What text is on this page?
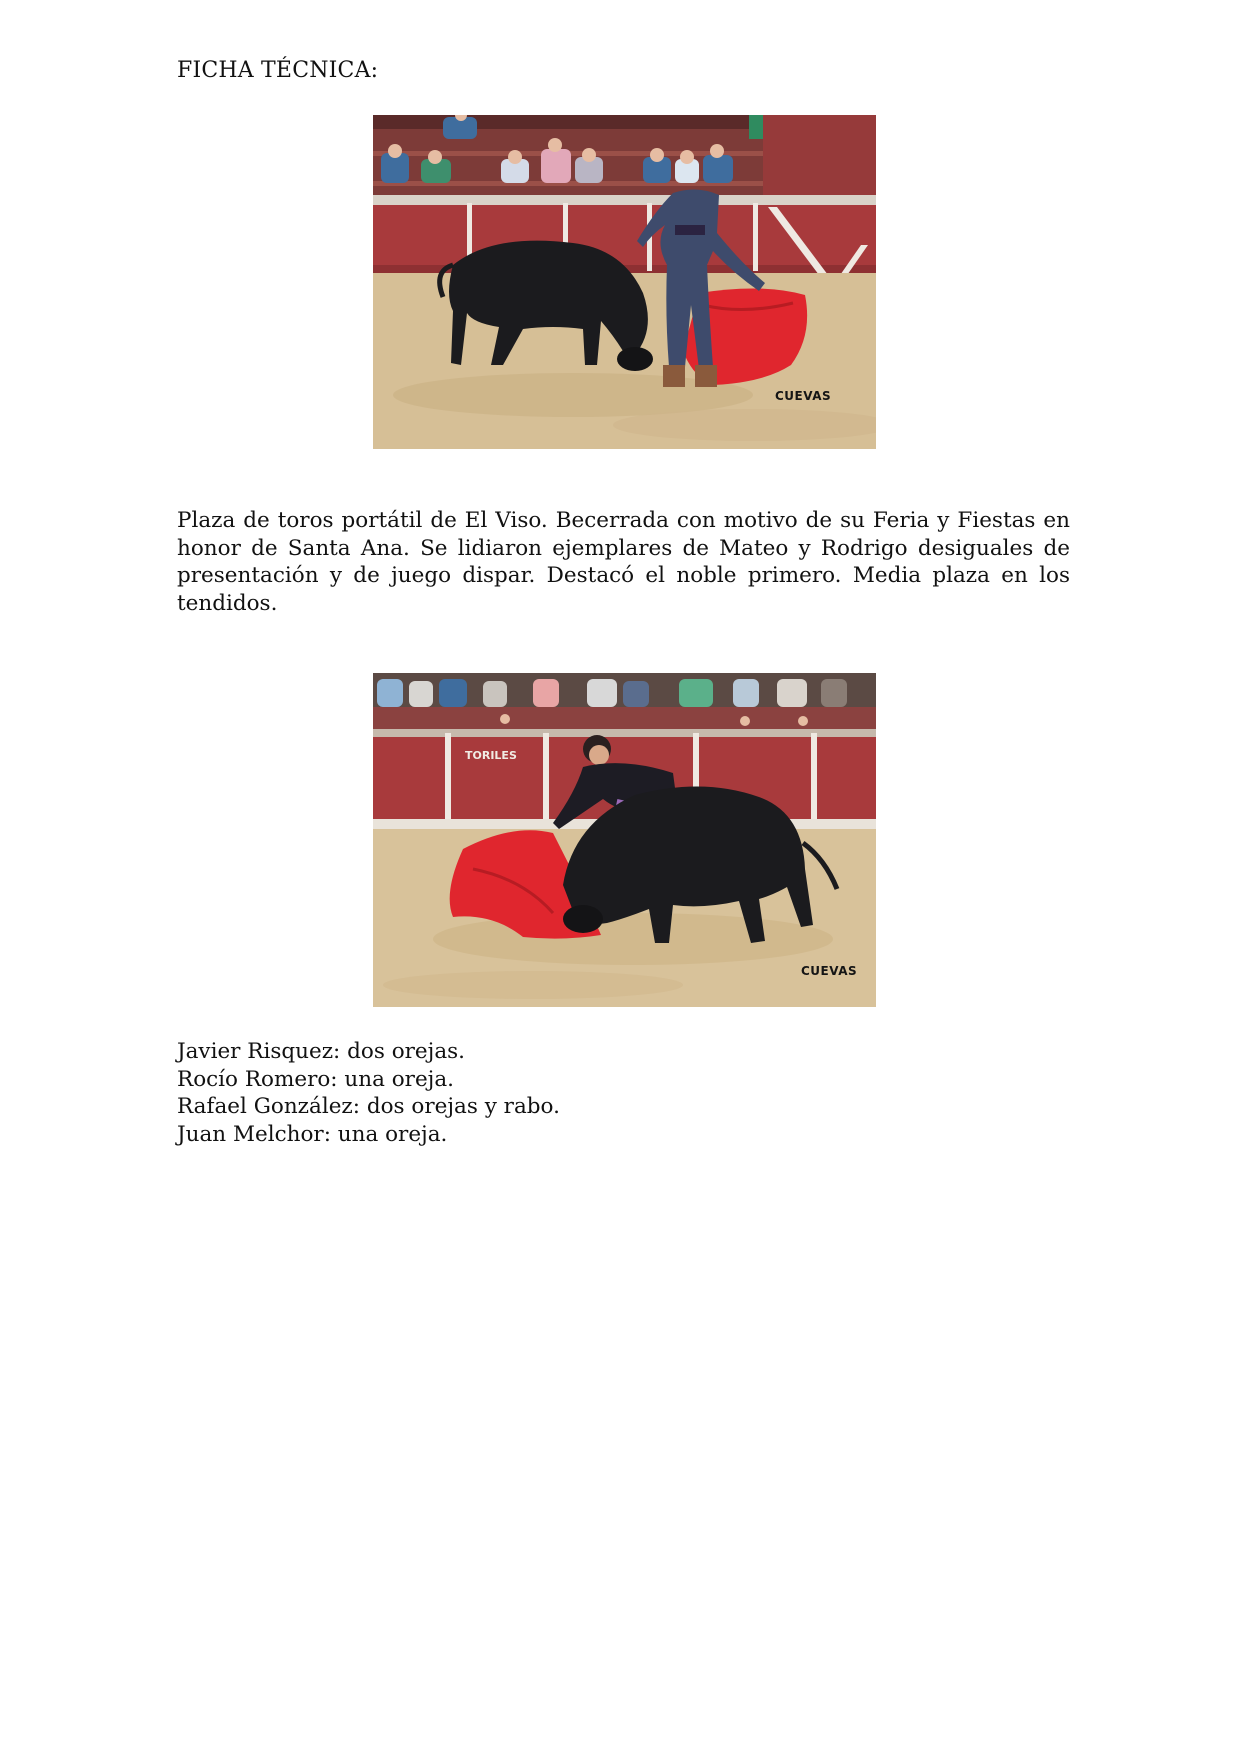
FICHA TÉCNICA:
CUEVAS

Plaza de toros portátil de El Viso. Becerrada con motivo de su Feria y Fiestas en honor de Santa Ana. Se lidiaron ejemplares de Mateo y Rodrigo desiguales de presentación y de juego dispar. Destacó el noble primero. Media plaza en los tendidos.

TORILES
CUEVAS
Javier Risquez: dos orejas.
Rocío Romero: una oreja.
Rafael González: dos orejas y rabo.
Juan Melchor: una oreja.
